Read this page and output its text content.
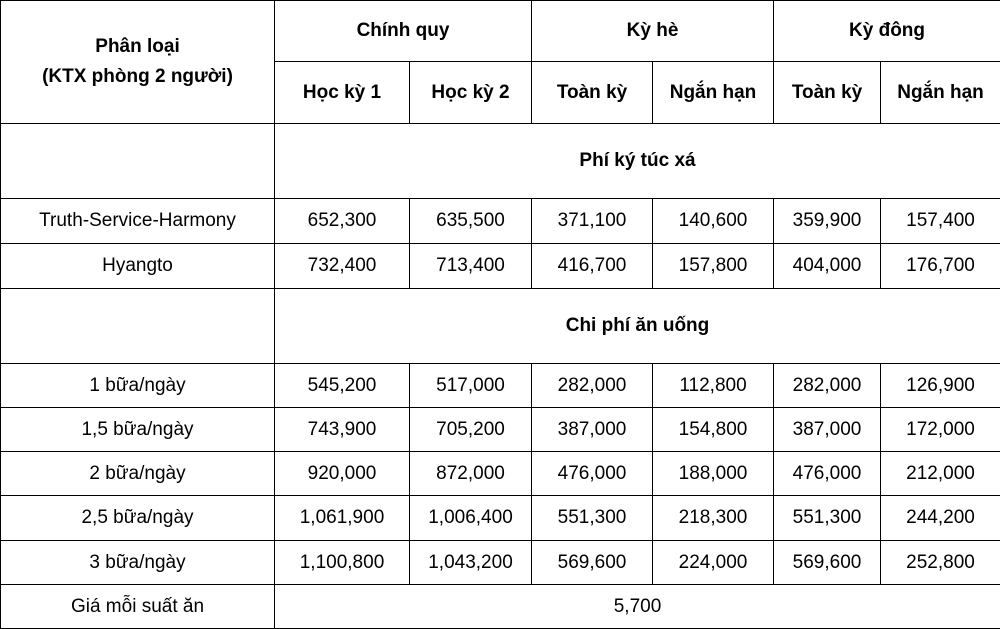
Phân loại
(KTX phòng 2 người)	Chính quy		Kỳ hè		Kỳ đông	
	Học kỳ 1	Học kỳ 2	Toàn kỳ	Ngắn hạn	Toàn kỳ	Ngắn hạn
	Phí ký túc xá					
Truth-Service-Harmony	652,300	635,500	371,100	140,600	359,900	157,400
Hyangto	732,400	713,400	416,700	157,800	404,000	176,700
	Chi phí ăn uống					
1 bữa/ngày	545,200	517,000	282,000	112,800	282,000	126,900
1,5 bữa/ngày	743,900	705,200	387,000	154,800	387,000	172,000
2 bữa/ngày	920,000	872,000	476,000	188,000	476,000	212,000
2,5 bữa/ngày	1,061,900	1,006,400	551,300	218,300	551,300	244,200
3 bữa/ngày	1,100,800	1,043,200	569,600	224,000	569,600	252,800
Giá mỗi suất ăn	5,700					
